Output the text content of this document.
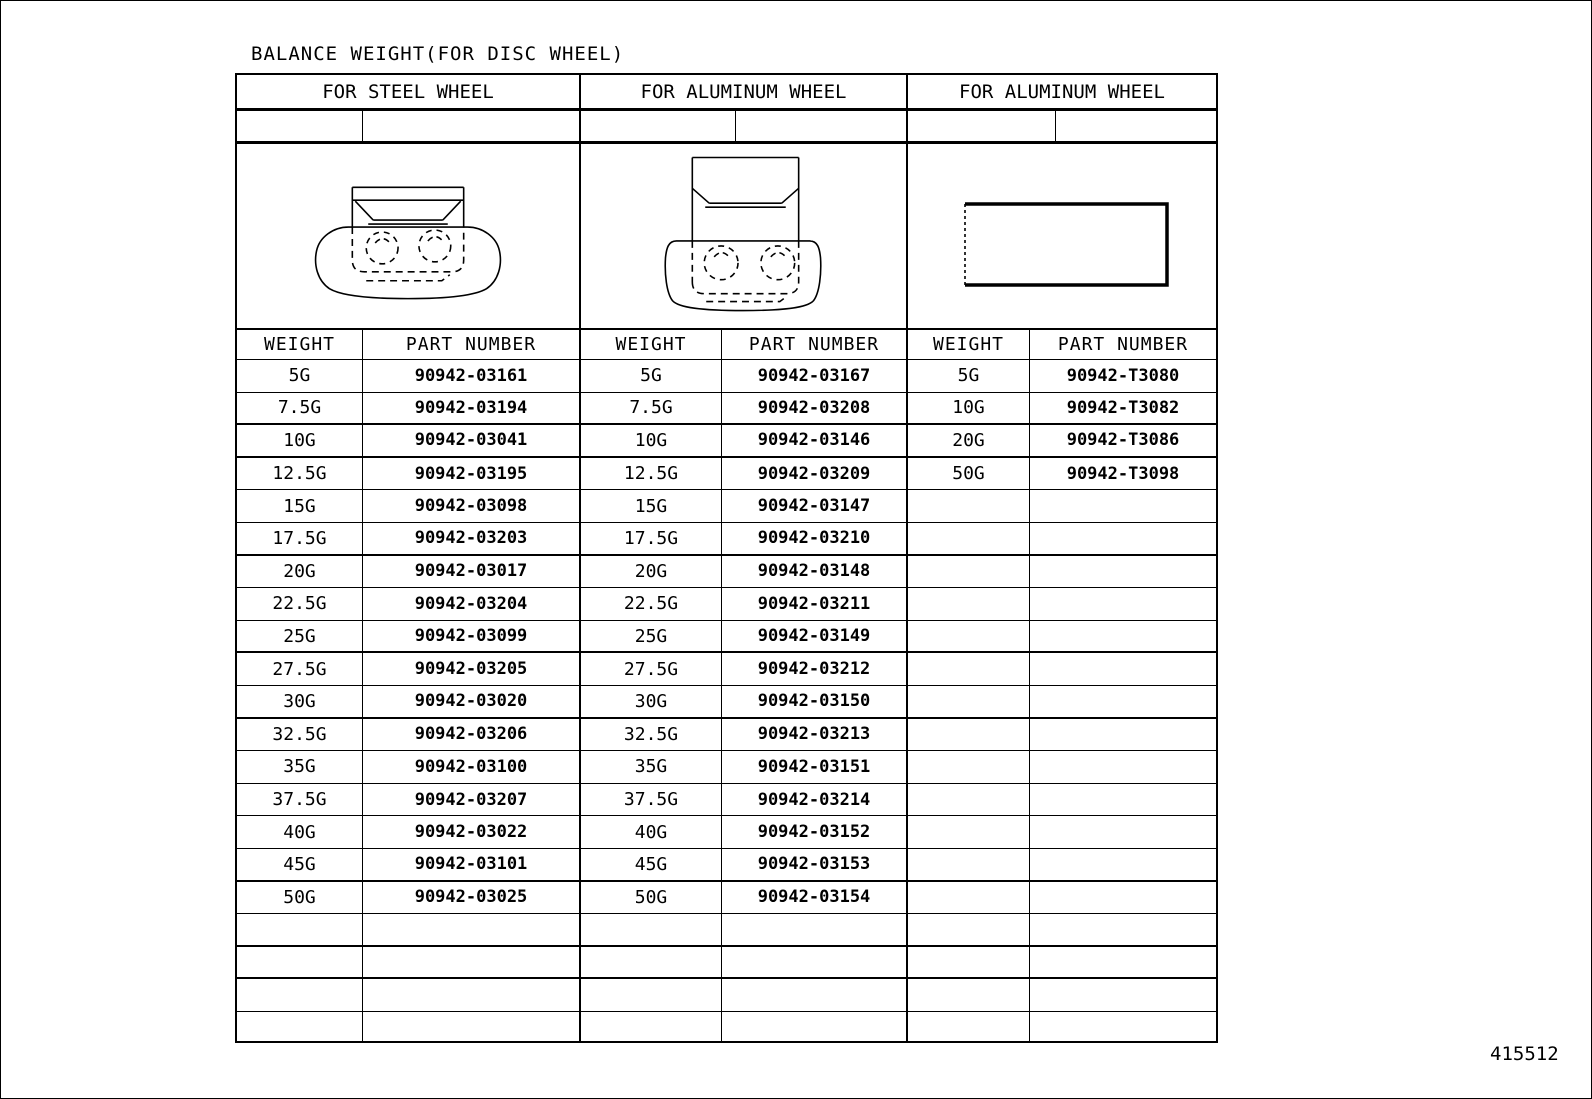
BALANCE WEIGHT(FOR DISC WHEEL)
FOR STEEL WHEEL	FOR ALUMINUM WHEEL	FOR ALUMINUM WHEEL
WEIGHT	PART NUMBER	WEIGHT	PART NUMBER	WEIGHT	PART NUMBER
5G	90942-03161	5G	90942-03167	5G	90942-T3080
7.5G	90942-03194	7.5G	90942-03208	10G	90942-T3082
10G	90942-03041	10G	90942-03146	20G	90942-T3086
12.5G	90942-03195	12.5G	90942-03209	50G	90942-T3098
15G	90942-03098	15G	90942-03147
17.5G	90942-03203	17.5G	90942-03210
20G	90942-03017	20G	90942-03148
22.5G	90942-03204	22.5G	90942-03211
25G	90942-03099	25G	90942-03149
27.5G	90942-03205	27.5G	90942-03212
30G	90942-03020	30G	90942-03150
32.5G	90942-03206	32.5G	90942-03213
35G	90942-03100	35G	90942-03151
37.5G	90942-03207	37.5G	90942-03214
40G	90942-03022	40G	90942-03152
45G	90942-03101	45G	90942-03153
50G	90942-03025	50G	90942-03154
415512
